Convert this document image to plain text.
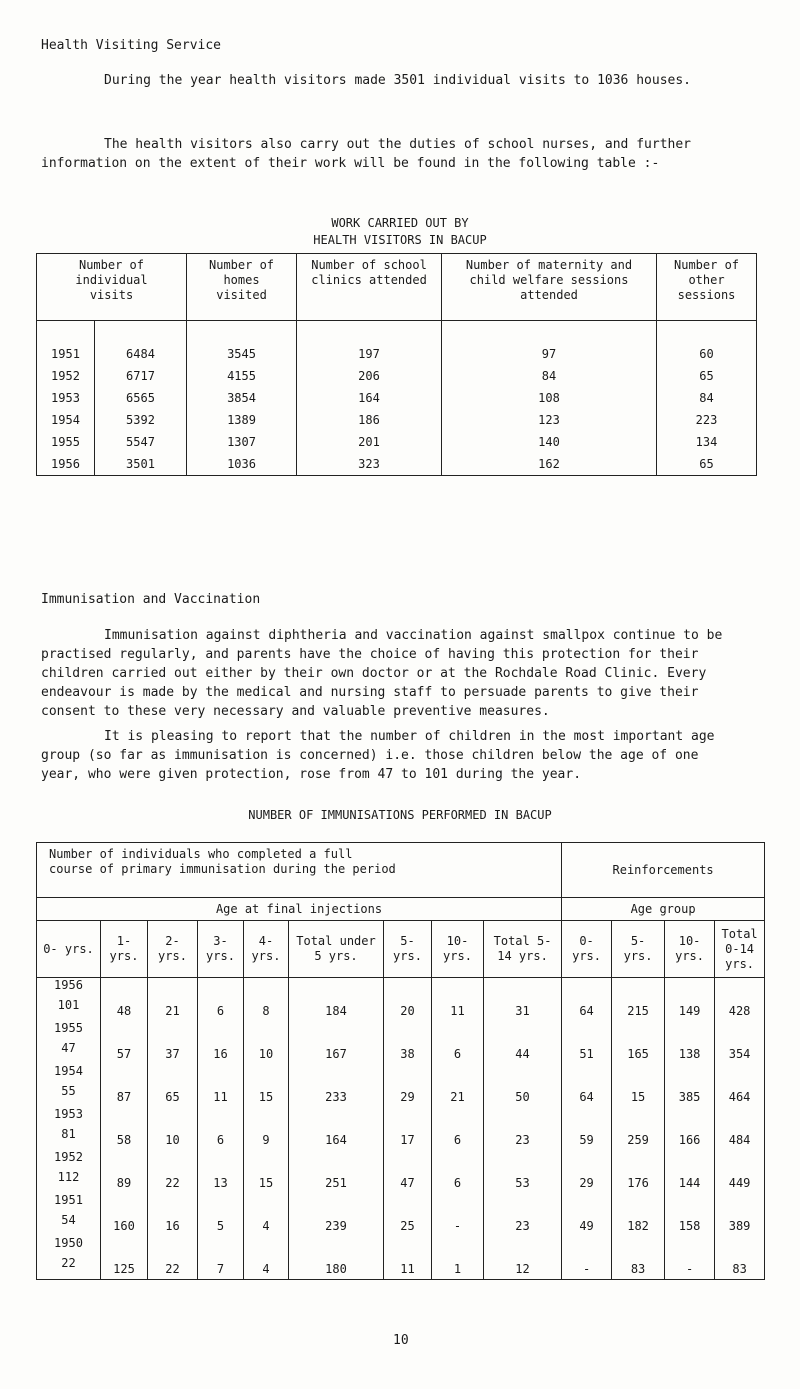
Health Visiting Service

During the year health visitors made 3501 individual visits to 1036 houses.

The health visitors also carry out the duties of school nurses, and further information on the extent of their work will be found in the following table :-

WORK CARRIED OUT BY
HEALTH VISITORS IN BACUP
Number of individual visits		Number of homes visited	Number of school clinics attended	Number of maternity and child welfare sessions attended	Number of other sessions

1951	6484	3545	197	97	60
1952	6717	4155	206	84	65
1953	6565	3854	164	108	84
1954	5392	1389	186	123	223
1955	5547	1307	201	140	134
1956	3501	1036	323	162	65
Immunisation and Vaccination

Immunisation against diphtheria and vaccination against smallpox continue to be practised regularly, and parents have the choice of having this protection for their children carried out either by their own doctor or at the Rochdale Road Clinic. Every endeavour is made by the medical and nursing staff to persuade parents to give their consent to these very necessary and valuable preventive measures.

It is pleasing to report that the number of children in the most important age group (so far as immunisation is concerned) i.e. those children below the age of one year, who were given protection, rose from 47 to 101 during the year.

NUMBER OF IMMUNISATIONS PERFORMED IN BACUP
Number of individuals who completed a full course of primary immunisation during the period									Reinforcements			
Age at final injections									Age group			
0- yrs.	1- yrs.	2- yrs.	3- yrs.	4- yrs.	Total under 5 yrs.	5- yrs.	10- yrs.	Total 5-14 yrs.	0- yrs.	5- yrs.	10- yrs.	Total 0-14 yrs.

1956
101	48	21	6	8	184	20	11	31	64	215	149	428

1955
47	57	37	16	10	167	38	6	44	51	165	138	354

1954
55	87	65	11	15	233	29	21	50	64	15	385	464

1953
81	58	10	6	9	164	17	6	23	59	259	166	484

1952
112	89	22	13	15	251	47	6	53	29	176	144	449

1951
54	160	16	5	4	239	25	-	23	49	182	158	389

1950
22	125	22	7	4	180	11	1	12	-	83	-	83
10
